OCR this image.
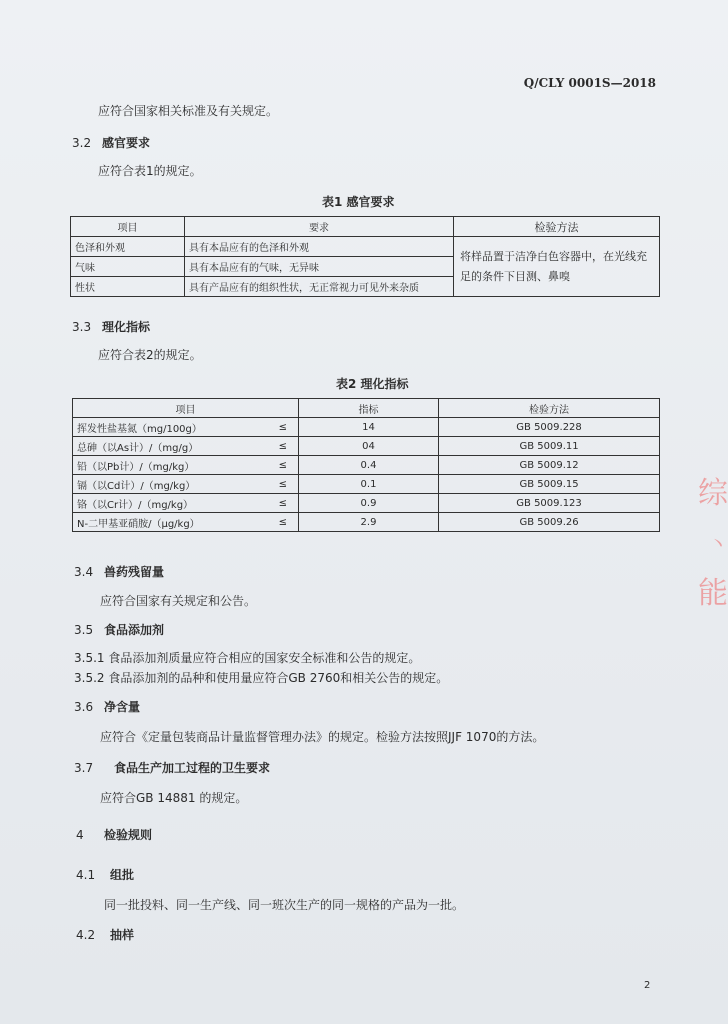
Q/CLY 0001S—2018
应符合国家相关标准及有关规定。
3.2 感官要求
应符合表1的规定。
表1 感官要求
项目	要求	检验方法
色泽和外观	具有本品应有的色泽和外观	将样品置于洁净白色容器中，在光线充足的条件下目测、鼻嗅
气味	具有本品应有的气味，无异味	
性状	具有产品应有的组织性状，无正常视力可见外来杂质	
3.3 理化指标
应符合表2的规定。
表2 理化指标
项目		指标	检验方法
挥发性盐基氮（mg/100g）	≤	14	GB 5009.228
总砷（以As计）/（mg/g）	≤	04	GB 5009.11
铅（以Pb计）/（mg/kg）	≤	0.4	GB 5009.12
镉（以Cd计）/（mg/kg）	≤	0.1	GB 5009.15
铬（以Cr计）/（mg/kg）	≤	0.9	GB 5009.123
N-二甲基亚硝胺/（μg/kg）	≤	2.9	GB 5009.26
3.4 兽药残留量
应符合国家有关规定和公告。
3.5 食品添加剂
3.5.1 食品添加剂质量应符合相应的国家安全标准和公告的规定。
3.5.2 食品添加剂的品种和使用量应符合GB 2760和相关公告的规定。
3.6 净含量
应符合《定量包装商品计量监督管理办法》的规定。检验方法按照JJF 1070的方法。
3.7 食品生产加工过程的卫生要求
应符合GB 14881 的规定。
4 检验规则
4.1 组批
同一批投料、同一生产线、同一班次生产的同一规格的产品为一批。
4.2 抽样
2
综
丶
能
